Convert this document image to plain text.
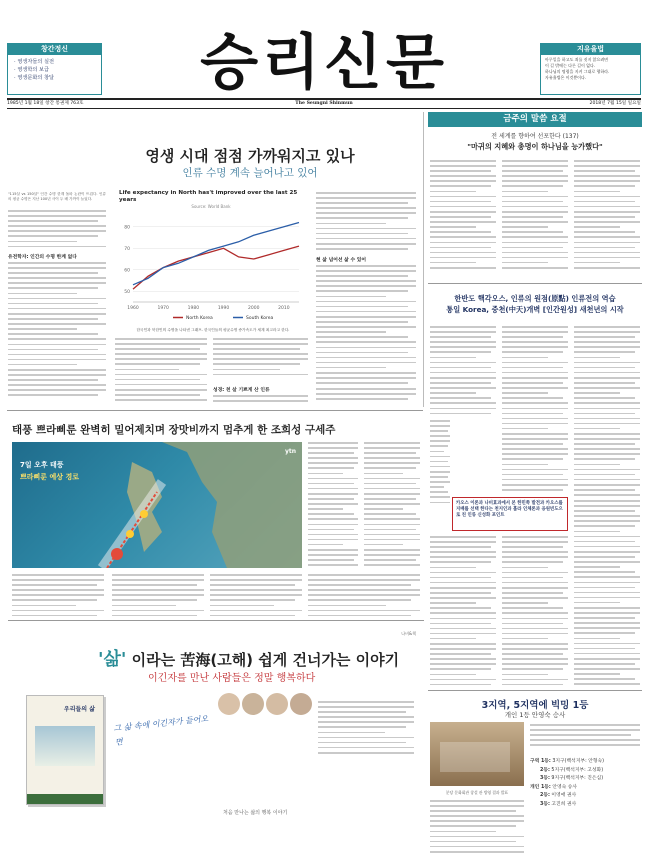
창간정신
· 영생자들의 실전
· 영생학의 보급
· 영생문화의 창달	승리신문	지유율법
아무일을 하고도 죄를 짓지 않으려면
이 길 밖에는 다른 길이 없다.
하나님의 명령을 지켜 그대로 행하라.
자유율법은 이것뿐이다.
1985년 1월 18일 창간 통권제 763호	The Seungni Shinmun	2018년 7월 15일 일요일
영생 시대 점점 가까워지고 있나
인류 수명 계속 늘어나고 있어
"115살 vs 150살" 인간 수명 한계 돌파 논란이 뜨겁다. 인류의 평균 수명은 지난 100년 사이 두 배 가까이 늘었다.
유전학자: 인간의 수명 한계 없다
Life expectancy in North has't improved over the last 25 years
Source: World Bank
50
60
70
80
1960	1970	1980	1990	2000	2010
North Korea	South Korea
한국인과 북한인의 수명을 나타낸 그래프. 한국인들의 평균수명 증가속도가 세계 최고라고 한다.
현 삶 넘어선 삶 수 있어
성경: 천 살 기쁘게 산 인류
금주의 말씀 요절
전 세계를 향하여 선포한다 (137)
"마귀의 지혜와 총명이 하나님을 능가했다"
한반도 핵각오스, 인류의 원점(原點) 인류전의 역습
통일 Korea, 중천(中天)개벽 [인간원성] 새천년의 시작
카오스 이론과 나비효과에서 본 한민쪽 발전과 카오스를 지배를 선택 한다는 천지인과 홀라 인체론과 융원빈도으로 친 인류 신성화 포인트
태풍 쁘라삐룬 완벽히 밀어제치며 장맛비까지 멈추게 한 조희성 구세주
7일 오후 태풍
쁘라삐룬 예상 경로
ytn
나비&책
'삶' 이라는 苦海(고해) 쉽게 건너가는 이야기
이긴자를 만난 사람들은 정말 행복하다
우리들의 삶
그 삶 속에 이긴자가 들어오면
처음 만나는 삶의 행복 이야기
3지역, 5지역에 빅밍 1등
개인 1등 안영숙 승사
분당 문화회관 창설 관 방영 결과 발표
구역 1등: 3지구(백석지부: 안형숙)
2등: 5지구(백석지부: 고성화)
3등: 9지구(백석지부: 진은심)
개인 1등: 안영숙 승사
2등: 이영애 권사
3등: 고진희 권사
